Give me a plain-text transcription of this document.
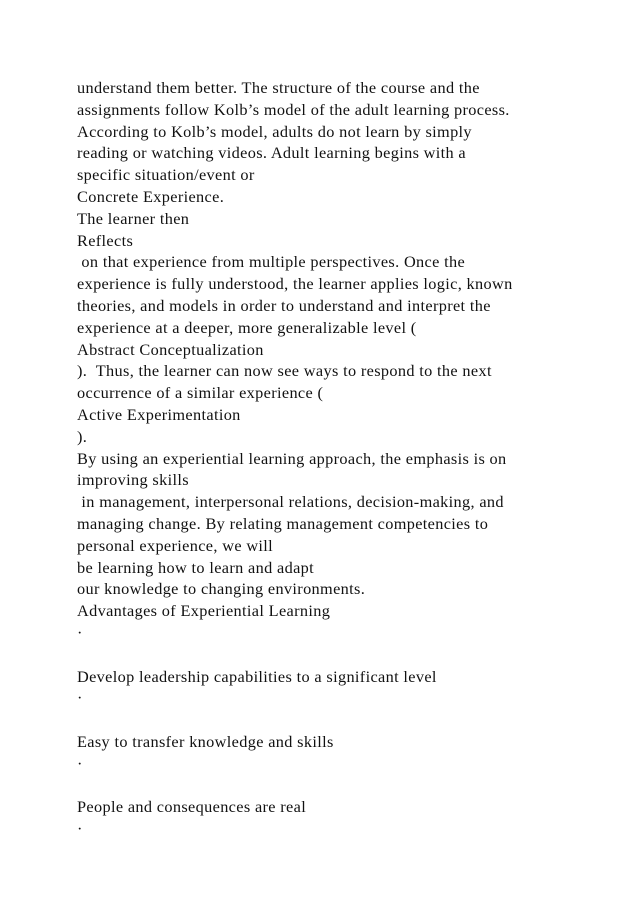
understand them better. The structure of the course and the
assignments follow Kolb’s model of the adult learning process.
According to Kolb’s model, adults do not learn by simply
reading or watching videos. Adult learning begins with a
specific situation/event or
Concrete Experience.
The learner then
Reflects
on that experience from multiple perspectives. Once the
experience is fully understood, the learner applies logic, known
theories, and models in order to understand and interpret the
experience at a deeper, more generalizable level (
Abstract Conceptualization
).  Thus, the learner can now see ways to respond to the next
occurrence of a similar experience (
Active Experimentation
).
By using an experiential learning approach, the emphasis is on
improving skills
in management, interpersonal relations, decision-making, and
managing change. By relating management competencies to
personal experience, we will
be learning how to learn and adapt
our knowledge to changing environments.
Advantages of Experiential Learning
·
Develop leadership capabilities to a significant level
·
Easy to transfer knowledge and skills
·
People and consequences are real
·
